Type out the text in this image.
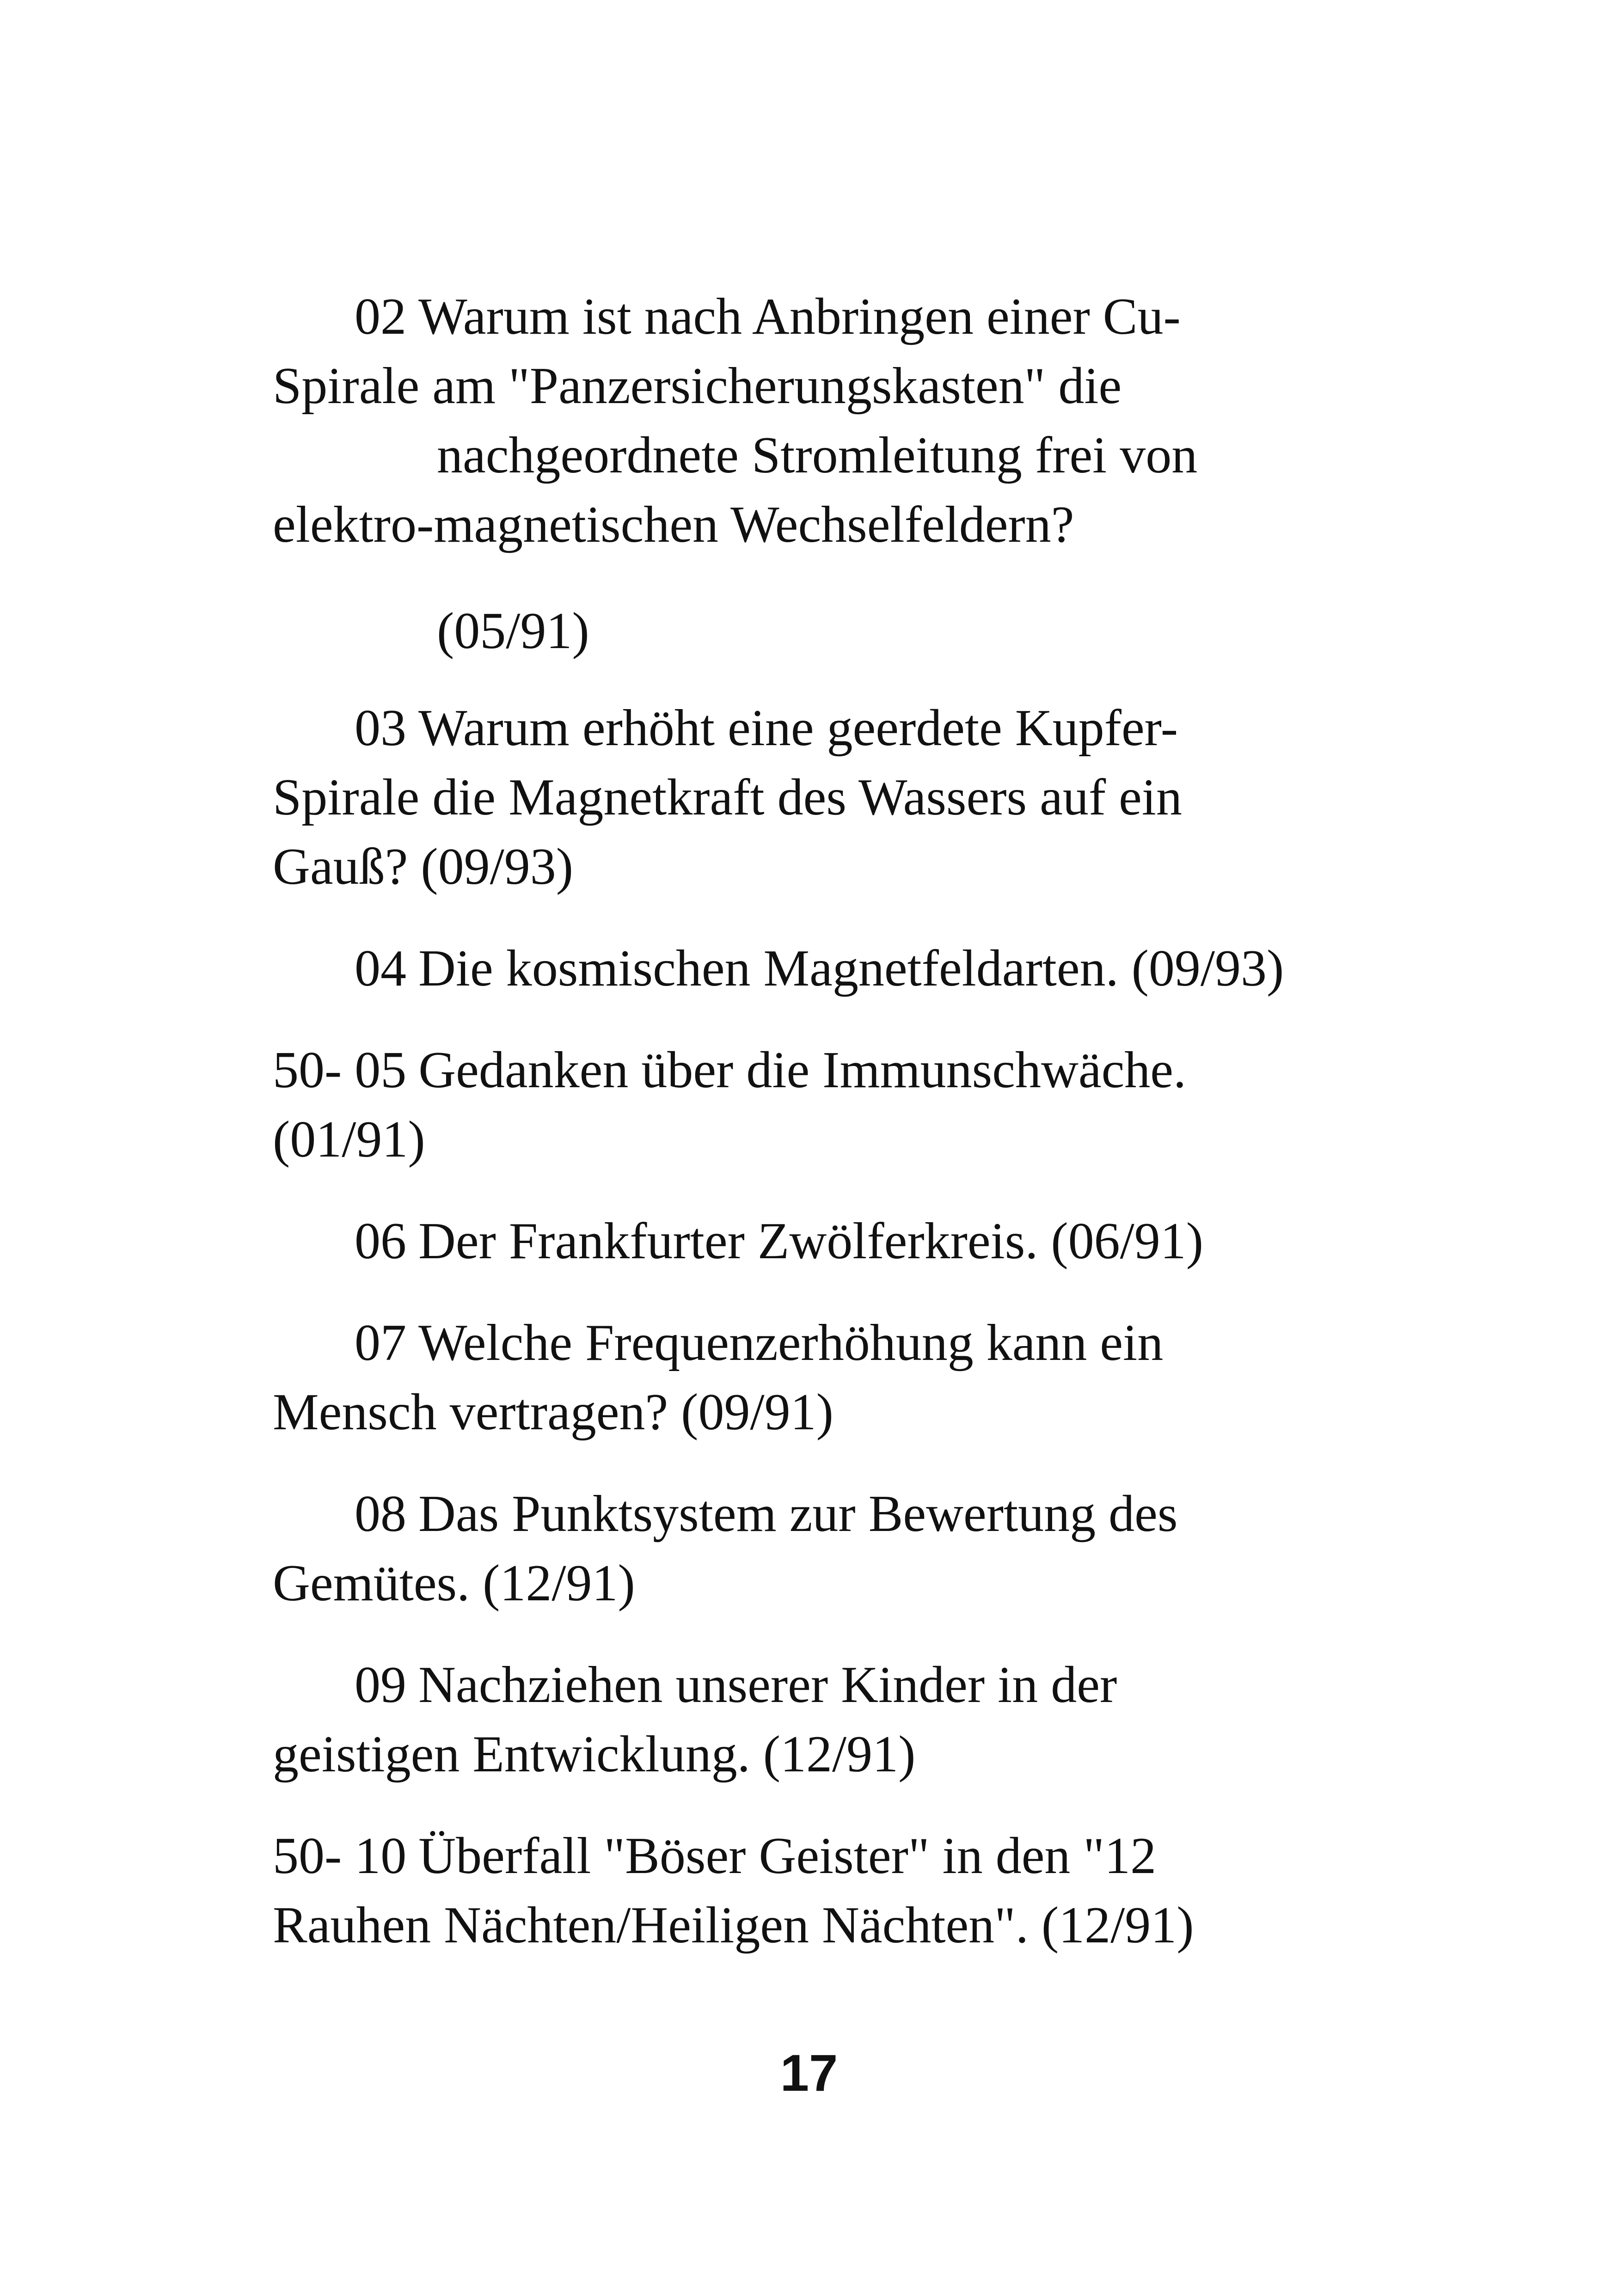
02 Warum ist nach Anbringen einer Cu-

Spirale am "Panzersicherungskasten" die

nachgeordnete Stromleitung frei von

elektro-magnetischen Wechselfeldern?

(05/91)

03 Warum erhöht eine geerdete Kupfer-

Spirale die Magnetkraft des Wassers auf ein

Gauß? (09/93)

04 Die kosmischen Magnetfeldarten. (09/93)

50- 05 Gedanken über die Immunschwäche.

(01/91)

06 Der Frankfurter Zwölferkreis. (06/91)

07 Welche Frequenzerhöhung kann ein

Mensch vertragen? (09/91)

08 Das Punktsystem zur Bewertung des

Gemütes. (12/91)

09 Nachziehen unserer Kinder in der

geistigen Entwicklung. (12/91)

50- 10 Überfall "Böser Geister" in den "12

Rauhen Nächten/Heiligen Nächten". (12/91)

17
